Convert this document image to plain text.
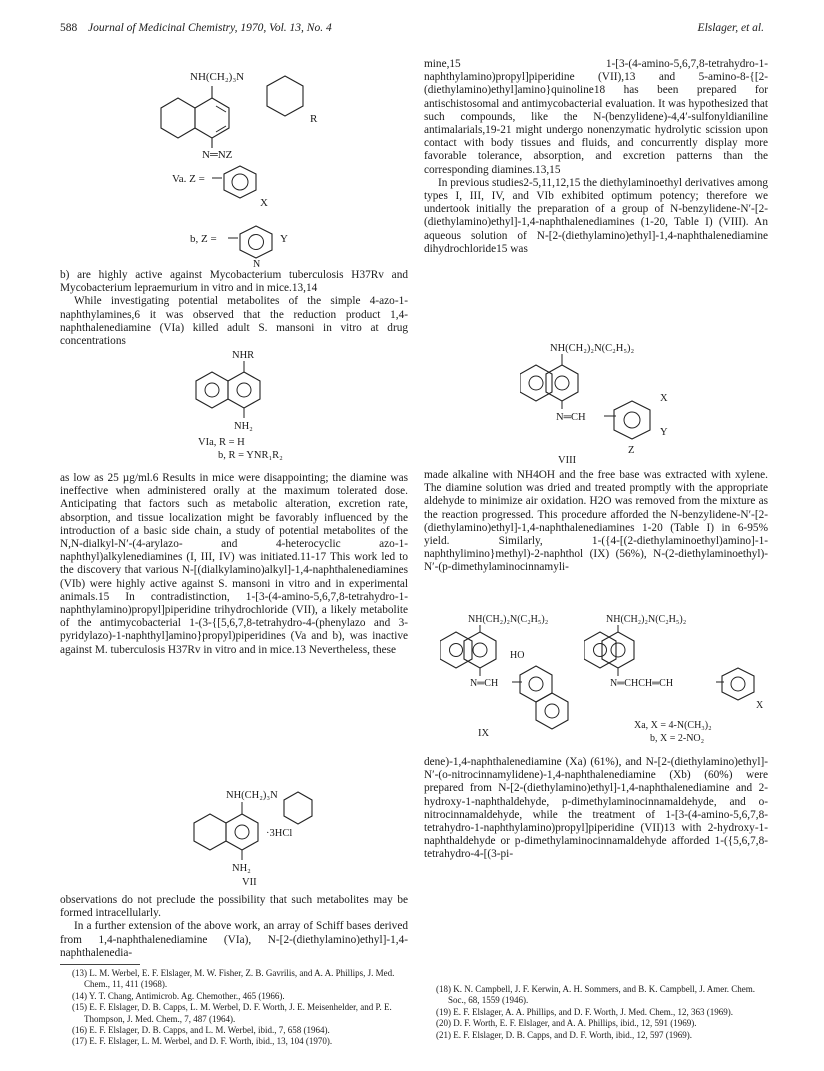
588 Journal of Medicinal Chemistry, 1970, Vol. 13, No. 4	Elslager, et al.
NH(CH₂)₃N
R
N═NZ
Va. Z =
X
b, Z =	Y
N

b) are highly active against Mycobacterium tuberculosis H37Rv and Mycobacterium lepraemurium in vitro and in mice.13,14

While investigating potential metabolites of the simple 4-azo-1-naphthylamines,6 it was observed that the reduction product 1,4-naphthalenediamine (VIa) killed adult S. mansoni in vitro at drug concentrations

NHR
NH₂
VIa, R = H
b, R = YNR₁R₂

as low as 25 µg/ml.6 Results in mice were disappointing; the diamine was ineffective when administered orally at the maximum tolerated dose. Anticipating that factors such as metabolic alteration, excretion rate, absorption, and tissue localization might be favorably influenced by the introduction of a basic side chain, a study of potential metabolites of the N,N-dialkyl-N′-(4-arylazo- and 4-heterocyclic azo-1-naphthyl)alkylenediamines (I, III, IV) was initiated.11-17 This work led to the discovery that various N-[(dialkylamino)alkyl]-1,4-naphthalenediamines (VIb) were highly active against S. mansoni in vitro and in experimental animals.15 In contradistinction, 1-[3-(4-amino-5,6,7,8-tetrahydro-1-naphthylamino)propyl]piperidine trihydrochloride (VII), a likely metabolite of the antimycobacterial 1-(3-{[5,6,7,8-tetrahydro-4-(phenylazo and 3-pyridylazo)-1-naphthyl]amino}propyl)piperidines (Va and b), was inactive against M. tuberculosis H37Rv in vitro and in mice.13 Nevertheless, these

NH(CH₂)₃N
·3HCl
NH₂
VII

observations do not preclude the possibility that such metabolites may be formed intracellularly.

In a further extension of the above work, an array of Schiff bases derived from 1,4-naphthalenediamine (VIa), N-[2-(diethylamino)ethyl]-1,4-naphthalenedia-

mine,15 1-[3-(4-amino-5,6,7,8-tetrahydro-1-naphthylamino)propyl]piperidine (VII),13 and 5-amino-8-{[2-(diethylamino)ethyl]amino}quinoline18 has been prepared for antischistosomal and antimycobacterial evaluation. It was hypothesized that such compounds, like the N-(benzylidene)-4,4′-sulfonyldianiline antimalarials,19-21 might undergo nonenzymatic hydrolytic scission upon contact with body tissues and fluids, and concurrently display more favorable tolerance, absorption, and excretion patterns than the corresponding diamines.13,15

In previous studies2-5,11,12,15 the diethylaminoethyl derivatives among types I, III, IV, and VIb exhibited optimum potency; therefore we undertook initially the preparation of a group of N-benzylidene-N′-[2-(diethylamino)ethyl]-1,4-naphthalenediamines (1-20, Table I) (VIII). An aqueous solution of N-[2-(diethylamino)ethyl]-1,4-naphthalenediamine dihydrochloride15 was

NH(CH₂)₂N(C₂H₅)₂
N═CH
X
Y
Z
VIII

made alkaline with NH4OH and the free base was extracted with xylene. The diamine solution was dried and treated promptly with the appropriate aldehyde to minimize air oxidation. H2O was removed from the mixture as the reaction progressed. This procedure afforded the N-benzylidene-N′-[2-(diethylamino)ethyl]-1,4-naphthalenediamines 1-20 (Table I) in 6-95% yield. Similarly, 1-({4-[(2-diethylaminoethyl)amino]-1-naphthylimino}methyl)-2-naphthol (IX) (56%), N-(2-diethylaminoethyl)-N′-(p-dimethylaminocinnamyli-

NH(CH₂)₂N(C₂H₅)₂
HO
N═CH
IX
NH(CH₂)₂N(C₂H₅)₂
N═CHCH═CH
X
Xa, X = 4-N(CH₃)₂
b, X = 2-NO₂

dene)-1,4-naphthalenediamine (Xa) (61%), and N-[2-(diethylamino)ethyl]-N′-(o-nitrocinnamylidene)-1,4-naphthalenediamine (Xb) (60%) were prepared from N-[2-(diethylamino)ethyl]-1,4-naphthalenediamine and 2-hydroxy-1-naphthaldehyde, p-dimethylaminocinnamaldehyde, and o-nitrocinnamaldehyde, while the treatment of 1-[3-(4-amino-5,6,7,8-tetrahydro-1-naphthylamino)propyl]piperidine (VII)13 with 2-hydroxy-1-naphthaldehyde or p-dimethylaminocinnamaldehyde afforded 1-({5,6,7,8-tetrahydro-4-[(3-pi-

(13) L. M. Werbel, E. F. Elslager, M. W. Fisher, Z. B. Gavrilis, and A. A. Phillips, J. Med. Chem., 11, 411 (1968).
(14) Y. T. Chang, Antimicrob. Ag. Chemother., 465 (1966).
(15) E. F. Elslager, D. B. Capps, L. M. Werbel, D. F. Worth, J. E. Meisenhelder, and P. E. Thompson, J. Med. Chem., 7, 487 (1964).
(16) E. F. Elslager, D. B. Capps, and L. M. Werbel, ibid., 7, 658 (1964).
(17) E. F. Elslager, L. M. Werbel, and D. F. Worth, ibid., 13, 104 (1970).
(18) K. N. Campbell, J. F. Kerwin, A. H. Sommers, and B. K. Campbell, J. Amer. Chem. Soc., 68, 1559 (1946).
(19) E. F. Elslager, A. A. Phillips, and D. F. Worth, J. Med. Chem., 12, 363 (1969).
(20) D. F. Worth, E. F. Elslager, and A. A. Phillips, ibid., 12, 591 (1969).
(21) E. F. Elslager, D. B. Capps, and D. F. Worth, ibid., 12, 597 (1969).
